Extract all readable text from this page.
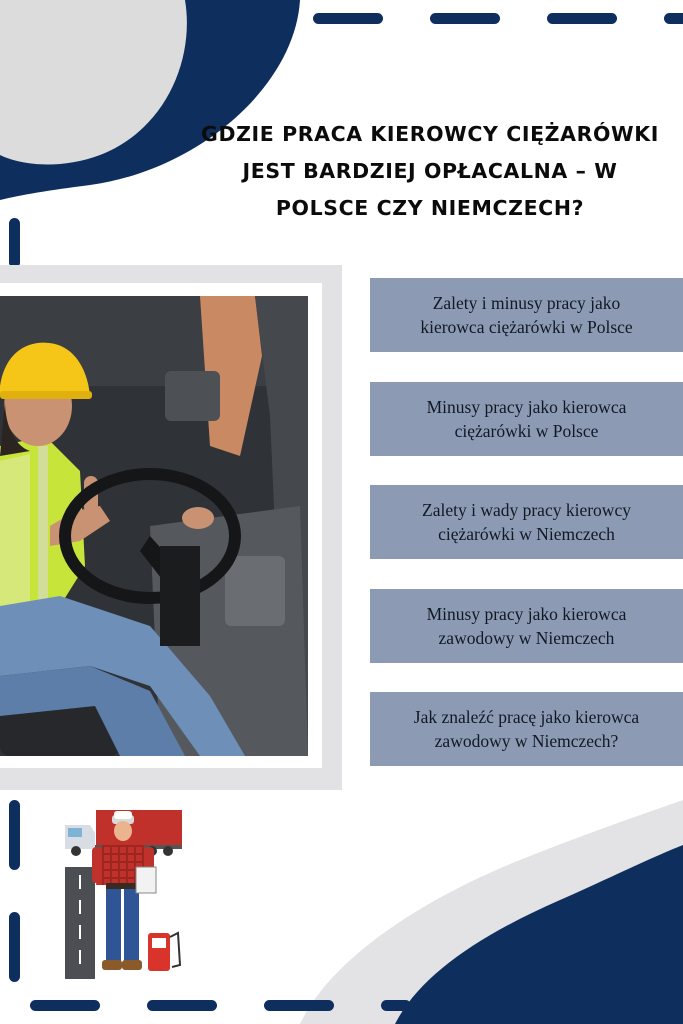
GDZIE PRACA KIEROWCY CIĘŻARÓWKI
JEST BARDZIEJ OPŁACALNA – W
POLSCE CZY NIEMCZECH?
Zalety i minusy pracy jako
kierowca ciężarówki w Polsce
Minusy pracy jako kierowca
ciężarówki w Polsce
Zalety i wady pracy kierowcy
ciężarówki w Niemczech
Minusy pracy jako kierowca
zawodowy w Niemczech
Jak znaleźć pracę jako kierowca
zawodowy w Niemczech?
